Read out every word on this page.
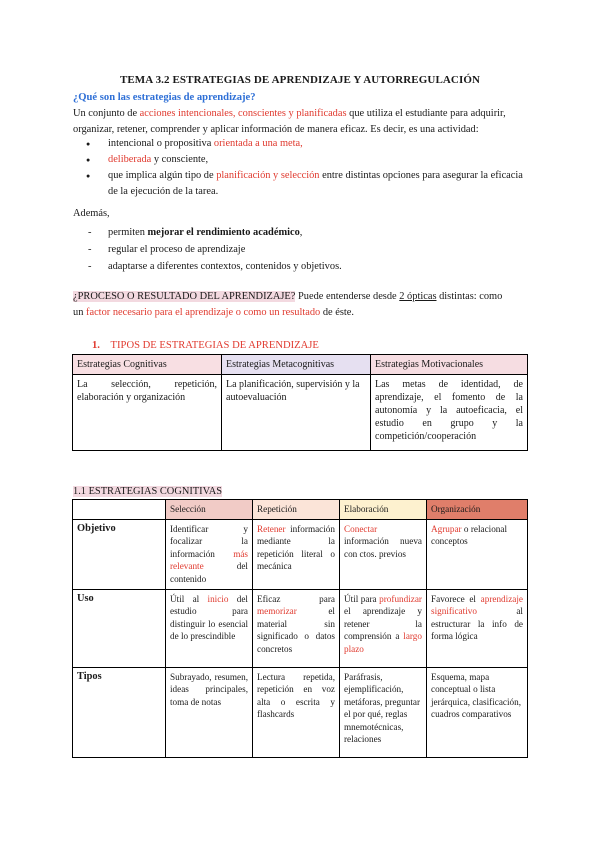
TEMA 3.2 ESTRATEGIAS DE APRENDIZAJE Y AUTORREGULACIÓN
¿Qué son las estrategias de aprendizaje?
Un conjunto de acciones intencionales, conscientes y planificadas que utiliza el estudiante para adquirir,
organizar, retener, comprender y aplicar información de manera eficaz. Es decir, es una actividad:
● intencional o propositiva orientada a una meta,
● deliberada y consciente,
● que implica algún tipo de planificación y selección entre distintas opciones para asegurar la eficacia
de la ejecución de la tarea.
Además,
- permiten mejorar el rendimiento académico,
- regular el proceso de aprendizaje
- adaptarse a diferentes contextos, contenidos y objetivos.
¿PROCESO O RESULTADO DEL APRENDIZAJE? Puede entenderse desde 2 ópticas distintas: como
un factor necesario para el aprendizaje o como un resultado de éste.
1. TIPOS DE ESTRATEGIAS DE APRENDIZAJE
Estrategias Cognitivas	Estrategias Metacognitivas	Estrategias Motivacionales
La selección, repetición, elaboración y organización	La planificación, supervisión y la autoevaluación	Las metas de identidad, de aprendizaje, el fomento de la autonomía y la autoeficacia, el estudio en grupo y la competición/cooperación
1.1 ESTRATEGIAS COGNITIVAS
	Selección	Repetición	Elaboración	Organización
Objetivo	Identificar y focalizar la información más relevante del contenido	Retener información mediante la repetición literal o mecánica	Conectar información nueva con ctos. previos	Agrupar o relacional conceptos
Uso	Útil al inicio del estudio para distinguir lo esencial de lo prescindible	Eficaz para memorizar el material sin significado o datos concretos	Útil para profundizar el aprendizaje y retener la comprensión a largo plazo	Favorece el aprendizaje significativo al estructurar la info de forma lógica
Tipos	Subrayado, resumen, ideas principales, toma de notas	Lectura repetida, repetición en voz alta o escrita y flashcards	Paráfrasis, ejemplificación, metáforas, preguntar el por qué, reglas mnemotécnicas, relaciones	Esquema, mapa conceptual o lista jerárquica, clasificación, cuadros comparativos
